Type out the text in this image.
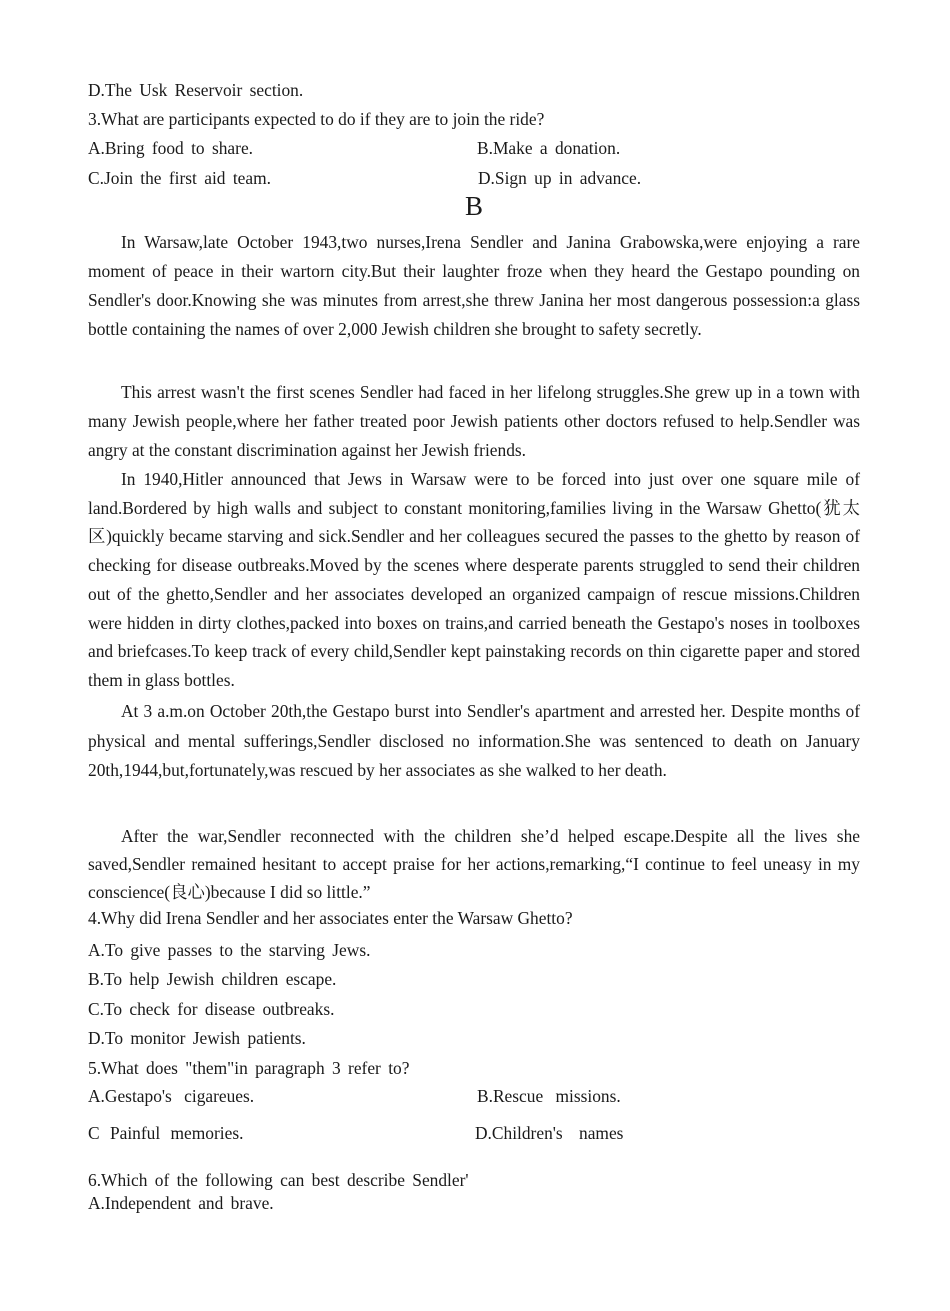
D.The Usk Reservoir section.
3.What are participants expected to do if they are to join the ride?
A.Bring food to share.	B.Make a donation.
C.Join the first aid team.	D.Sign up in advance.
B
In Warsaw,late October 1943,two nurses,Irena Sendler and Janina Grabowska,were enjoying a rare moment of peace in their wartorn city.But their laughter froze when they heard the Gestapo pounding on Sendler's door.Knowing she was minutes from arrest,she threw Janina her most dangerous possession:a glass bottle containing the names of over 2,000 Jewish children she brought to safety secretly.
This arrest wasn't the first scenes Sendler had faced in her lifelong struggles.She grew up in a town with many Jewish people,where her father treated poor Jewish patients other doctors refused to help.Sendler was angry at the constant discrimination against her Jewish friends.
In 1940,Hitler announced that Jews in Warsaw were to be forced into just over one square mile of land.Bordered by high walls and subject to constant monitoring,families living in the Warsaw Ghetto(犹太区)quickly became starving and sick.Sendler and her colleagues secured the passes to the ghetto by reason of checking for disease outbreaks.Moved by the scenes where desperate parents struggled to send their children out of the ghetto,Sendler and her associates developed an organized campaign of rescue missions.Children were hidden in dirty clothes,packed into boxes on trains,and carried beneath the Gestapo's noses in toolboxes and briefcases.To keep track of every child,Sendler kept painstaking records on thin cigarette paper and stored them in glass bottles.
At 3 a.m.on October 20th,the Gestapo burst into Sendler's apartment and arrested her. Despite months of physical and mental sufferings,Sendler disclosed no information.She was sentenced to death on January 20th,1944,but,fortunately,was rescued by her associates as she walked to her death.
After the war,Sendler reconnected with the children she’d helped escape.Despite all the lives she saved,Sendler remained hesitant to accept praise for her actions,remarking,“I continue to feel uneasy in my conscience(良心)because I did so little.”
4.Why did Irena Sendler and her associates enter the Warsaw Ghetto?
A.To give passes to the starving Jews.
B.To help Jewish children escape.
C.To check for disease outbreaks.
D.To monitor Jewish patients.
5.What does "them"in paragraph 3 refer to?
A.Gestapo's cigareues.	B.Rescue missions.
C Painful memories.	D.Children's names
6.Which of the following can best describe Sendler'
A.Independent and brave.
